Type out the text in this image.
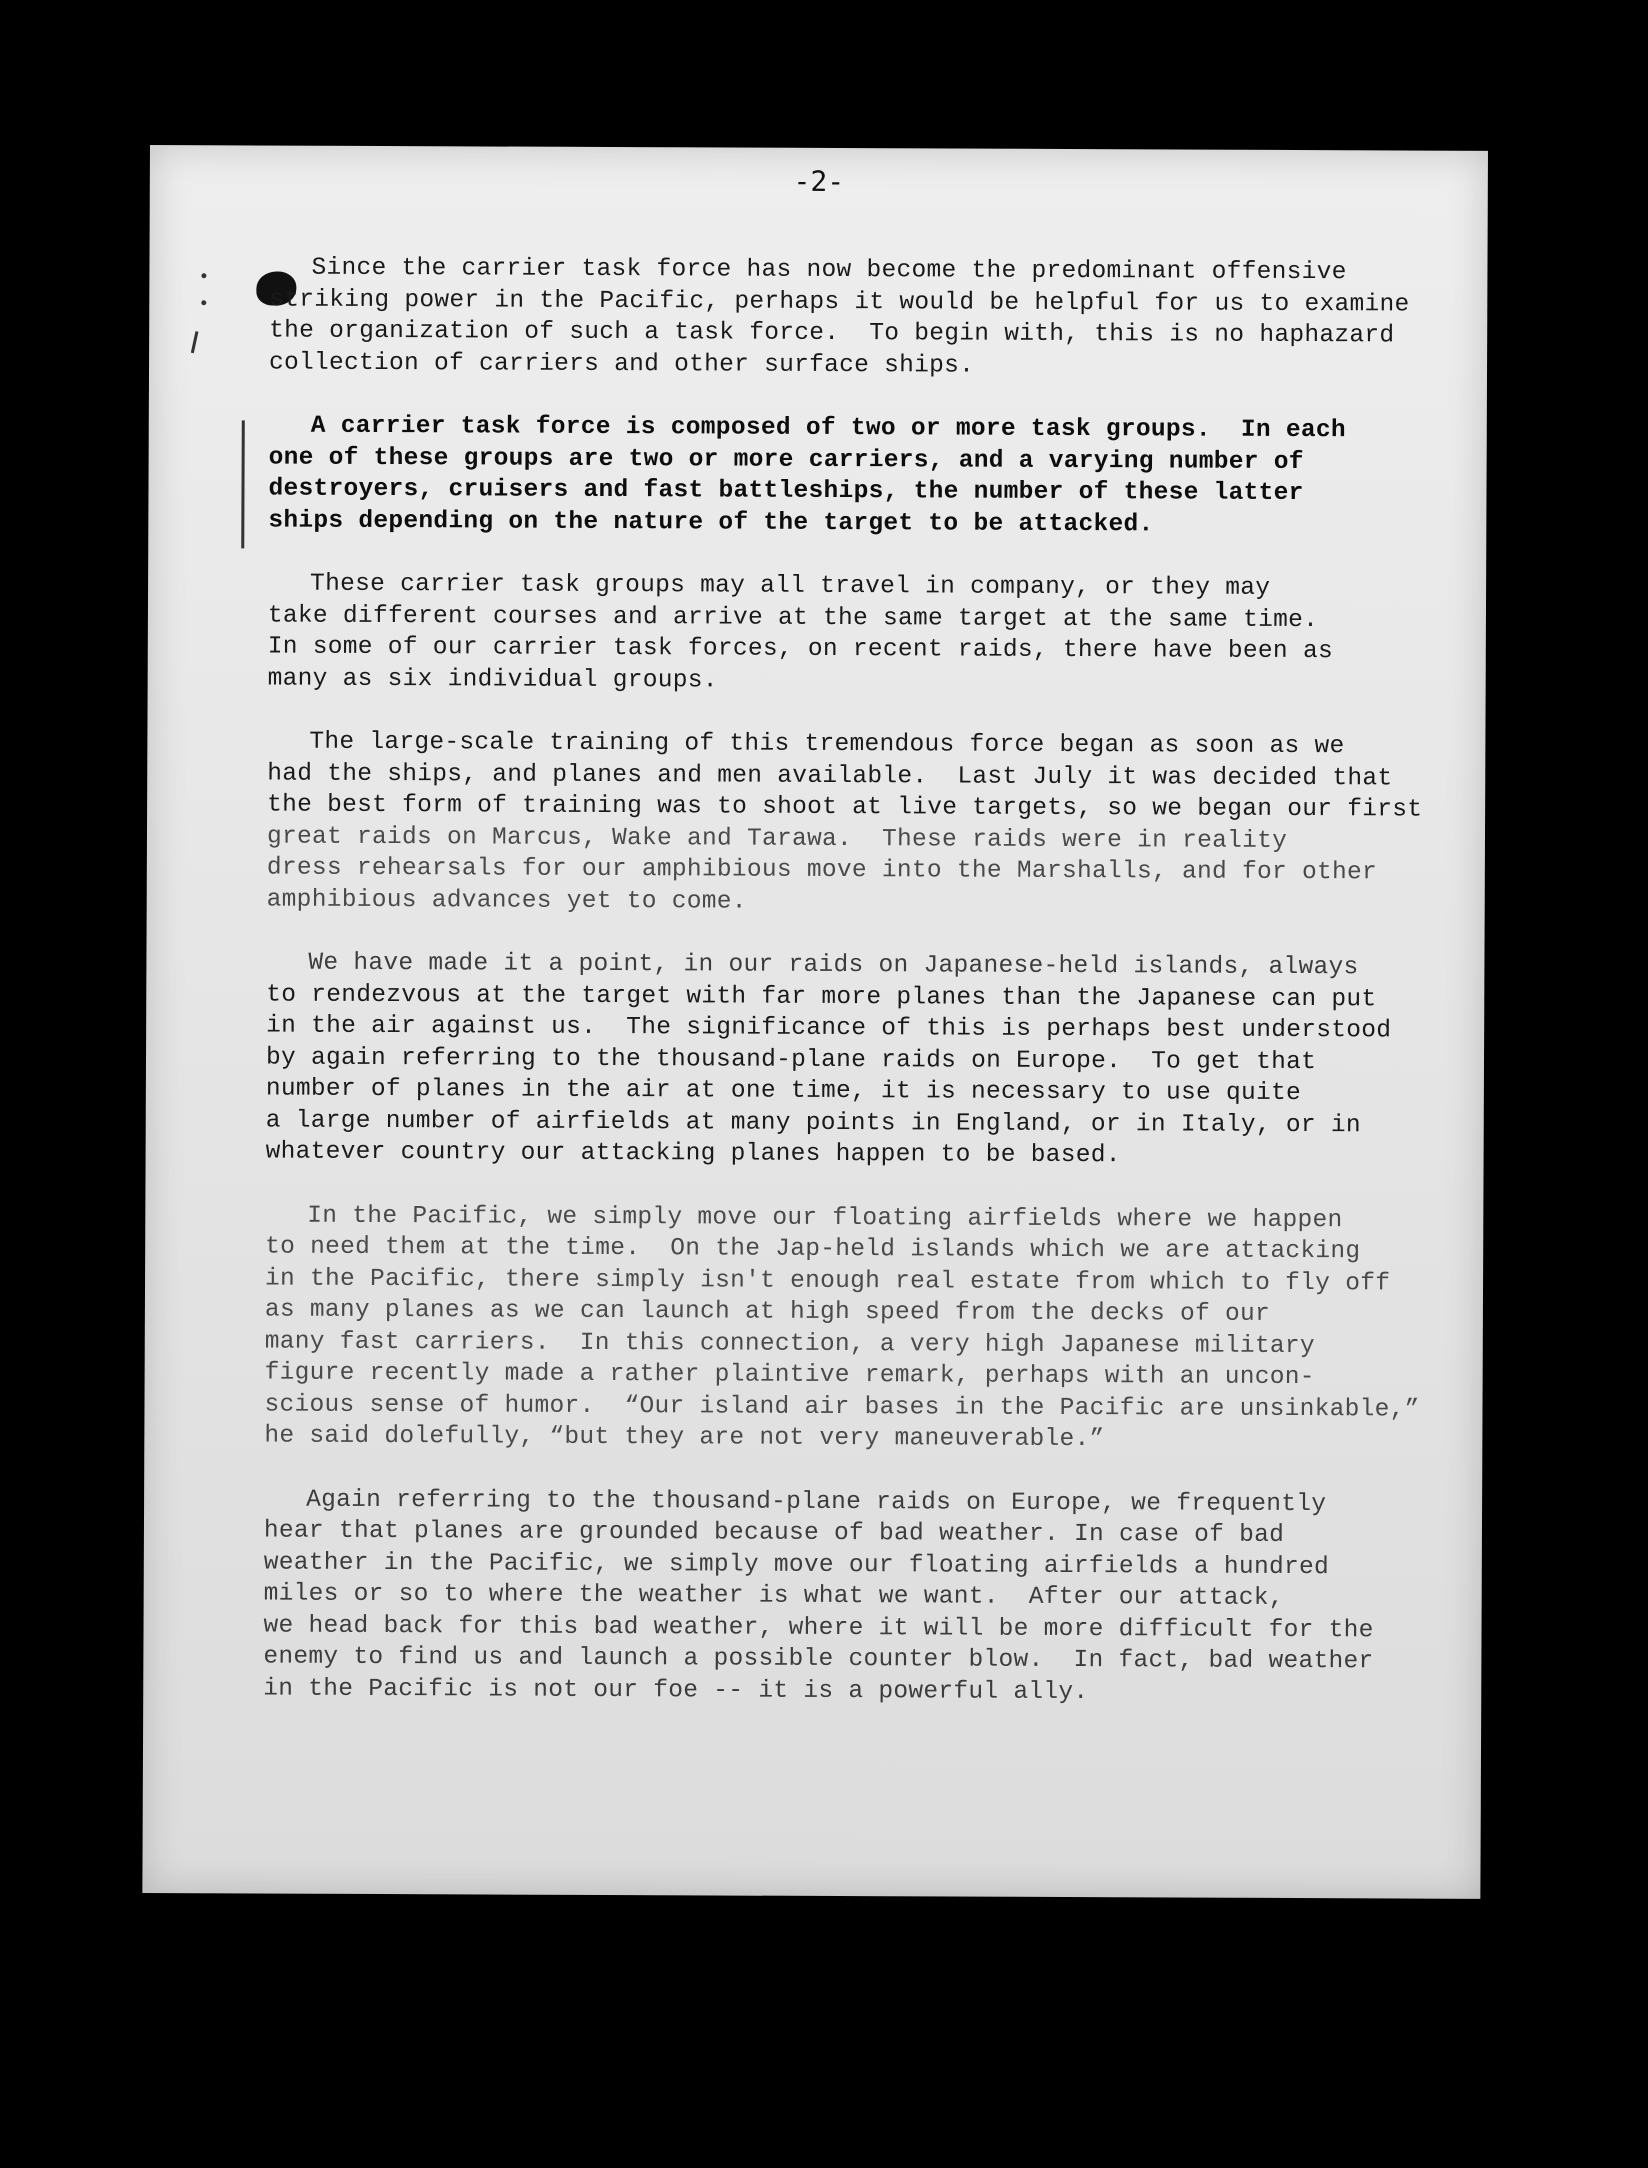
-2-
Since the carrier task force has now become the predominant offensive
striking power in the Pacific, perhaps it would be helpful for us to examine
the organization of such a task force.  To begin with, this is no haphazard
collection of carriers and other surface ships.
A carrier task force is composed of two or more task groups.  In each
one of these groups are two or more carriers, and a varying number of
destroyers, cruisers and fast battleships, the number of these latter
ships depending on the nature of the target to be attacked.
These carrier task groups may all travel in company, or they may
take different courses and arrive at the same target at the same time.
In some of our carrier task forces, on recent raids, there have been as
many as six individual groups.
The large-scale training of this tremendous force began as soon as we
had the ships, and planes and men available.  Last July it was decided that
the best form of training was to shoot at live targets, so we began our first
great raids on Marcus, Wake and Tarawa.  These raids were in reality
dress rehearsals for our amphibious move into the Marshalls, and for other
amphibious advances yet to come.
We have made it a point, in our raids on Japanese-held islands, always
to rendezvous at the target with far more planes than the Japanese can put
in the air against us.  The significance of this is perhaps best understood
by again referring to the thousand-plane raids on Europe.  To get that
number of planes in the air at one time, it is necessary to use quite
a large number of airfields at many points in England, or in Italy, or in
whatever country our attacking planes happen to be based.
In the Pacific, we simply move our floating airfields where we happen
to need them at the time.  On the Jap-held islands which we are attacking
in the Pacific, there simply isn't enough real estate from which to fly off
as many planes as we can launch at high speed from the decks of our
many fast carriers.  In this connection, a very high Japanese military
figure recently made a rather plaintive remark, perhaps with an uncon-
scious sense of humor.  “Our island air bases in the Pacific are unsinkable,”
he said dolefully, “but they are not very maneuverable.”
Again referring to the thousand-plane raids on Europe, we frequently
hear that planes are grounded because of bad weather. In case of bad
weather in the Pacific, we simply move our floating airfields a hundred
miles or so to where the weather is what we want.  After our attack,
we head back for this bad weather, where it will be more difficult for the
enemy to find us and launch a possible counter blow.  In fact, bad weather
in the Pacific is not our foe -- it is a powerful ally.
